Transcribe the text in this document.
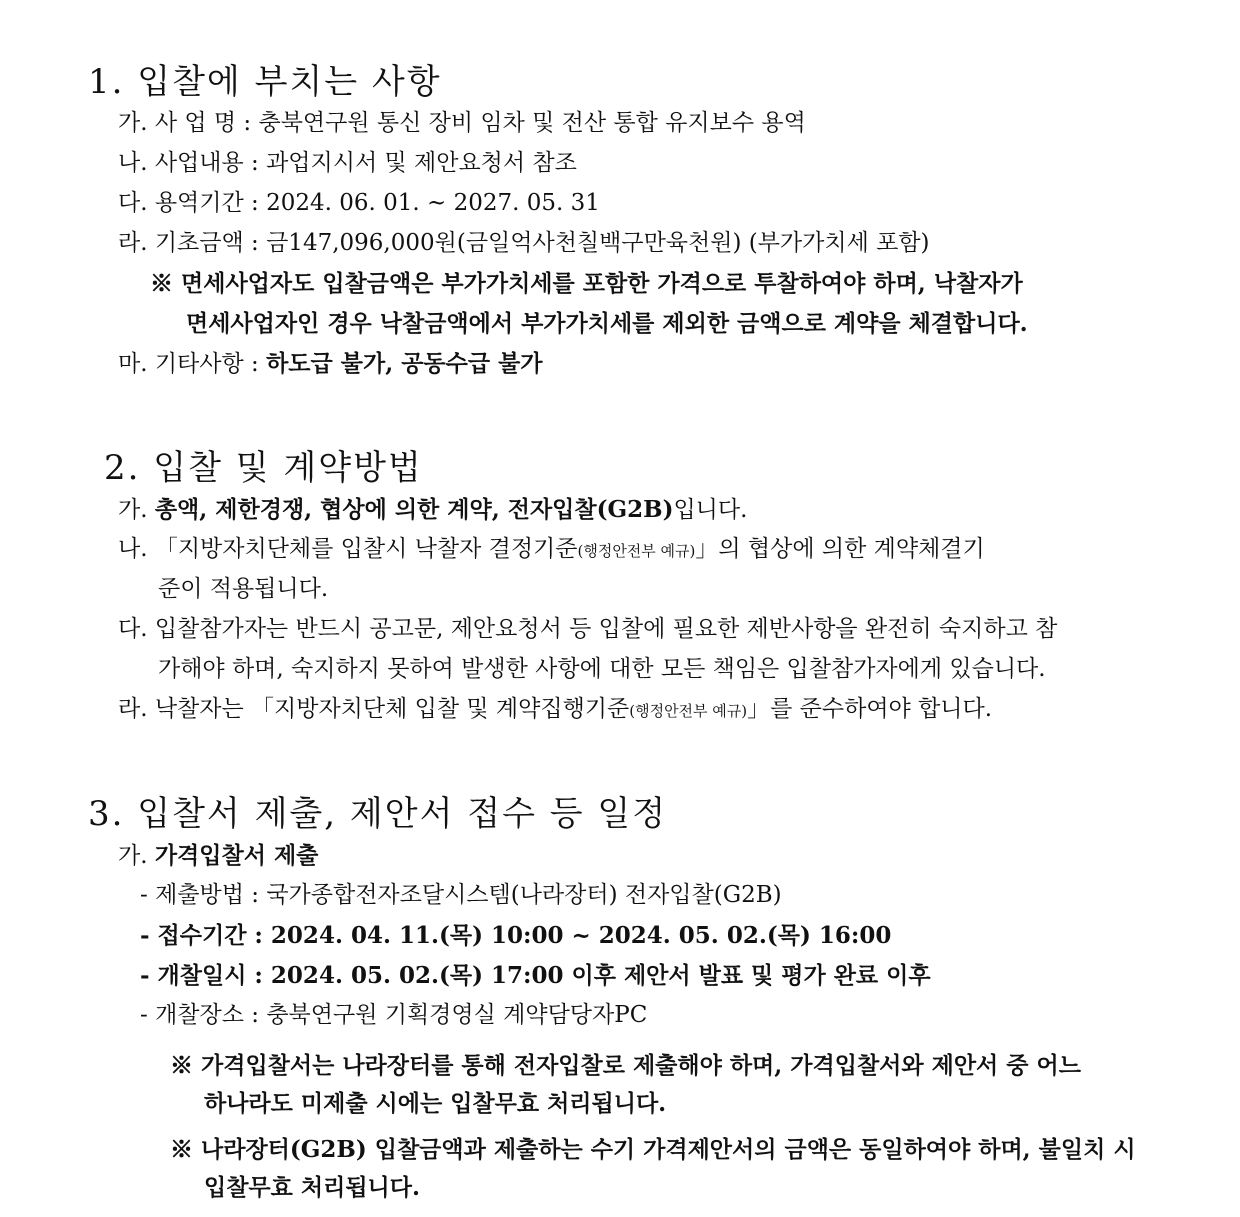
1. 입찰에 부치는 사항
가. 사 업 명 : 충북연구원 통신 장비 임차 및 전산 통합 유지보수 용역
나. 사업내용 : 과업지시서 및 제안요청서 참조
다. 용역기간 : 2024. 06. 01. ~ 2027. 05. 31
라. 기초금액 : 금147,096,000원(금일억사천칠백구만육천원) (부가가치세 포함)
※ 면세사업자도 입찰금액은 부가가치세를 포함한 가격으로 투찰하여야 하며, 낙찰자가
면세사업자인 경우 낙찰금액에서 부가가치세를 제외한 금액으로 계약을 체결합니다.
마. 기타사항 : 하도급 불가, 공동수급 불가
2. 입찰 및 계약방법
가. 총액, 제한경쟁, 협상에 의한 계약, 전자입찰(G2B)입니다.
나. 「지방자치단체를 입찰시 낙찰자 결정기준(행정안전부 예규)」의 협상에 의한 계약체결기
준이 적용됩니다.
다. 입찰참가자는 반드시 공고문, 제안요청서 등 입찰에 필요한 제반사항을 완전히 숙지하고 참
가해야 하며, 숙지하지 못하여 발생한 사항에 대한 모든 책임은 입찰참가자에게 있습니다.
라. 낙찰자는 「지방자치단체 입찰 및 계약집행기준(행정안전부 예규)」를 준수하여야 합니다.
3. 입찰서 제출, 제안서 접수 등 일정
가. 가격입찰서 제출
- 제출방법 : 국가종합전자조달시스템(나라장터) 전자입찰(G2B)
- 접수기간 : 2024. 04. 11.(목) 10:00 ~ 2024. 05. 02.(목) 16:00
- 개찰일시 : 2024. 05. 02.(목) 17:00 이후 제안서 발표 및 평가 완료 이후
- 개찰장소 : 충북연구원 기획경영실 계약담당자PC
※ 가격입찰서는 나라장터를 통해 전자입찰로 제출해야 하며, 가격입찰서와 제안서 중 어느
하나라도 미제출 시에는 입찰무효 처리됩니다.
※ 나라장터(G2B) 입찰금액과 제출하는 수기 가격제안서의 금액은 동일하여야 하며, 불일치 시
입찰무효 처리됩니다.
